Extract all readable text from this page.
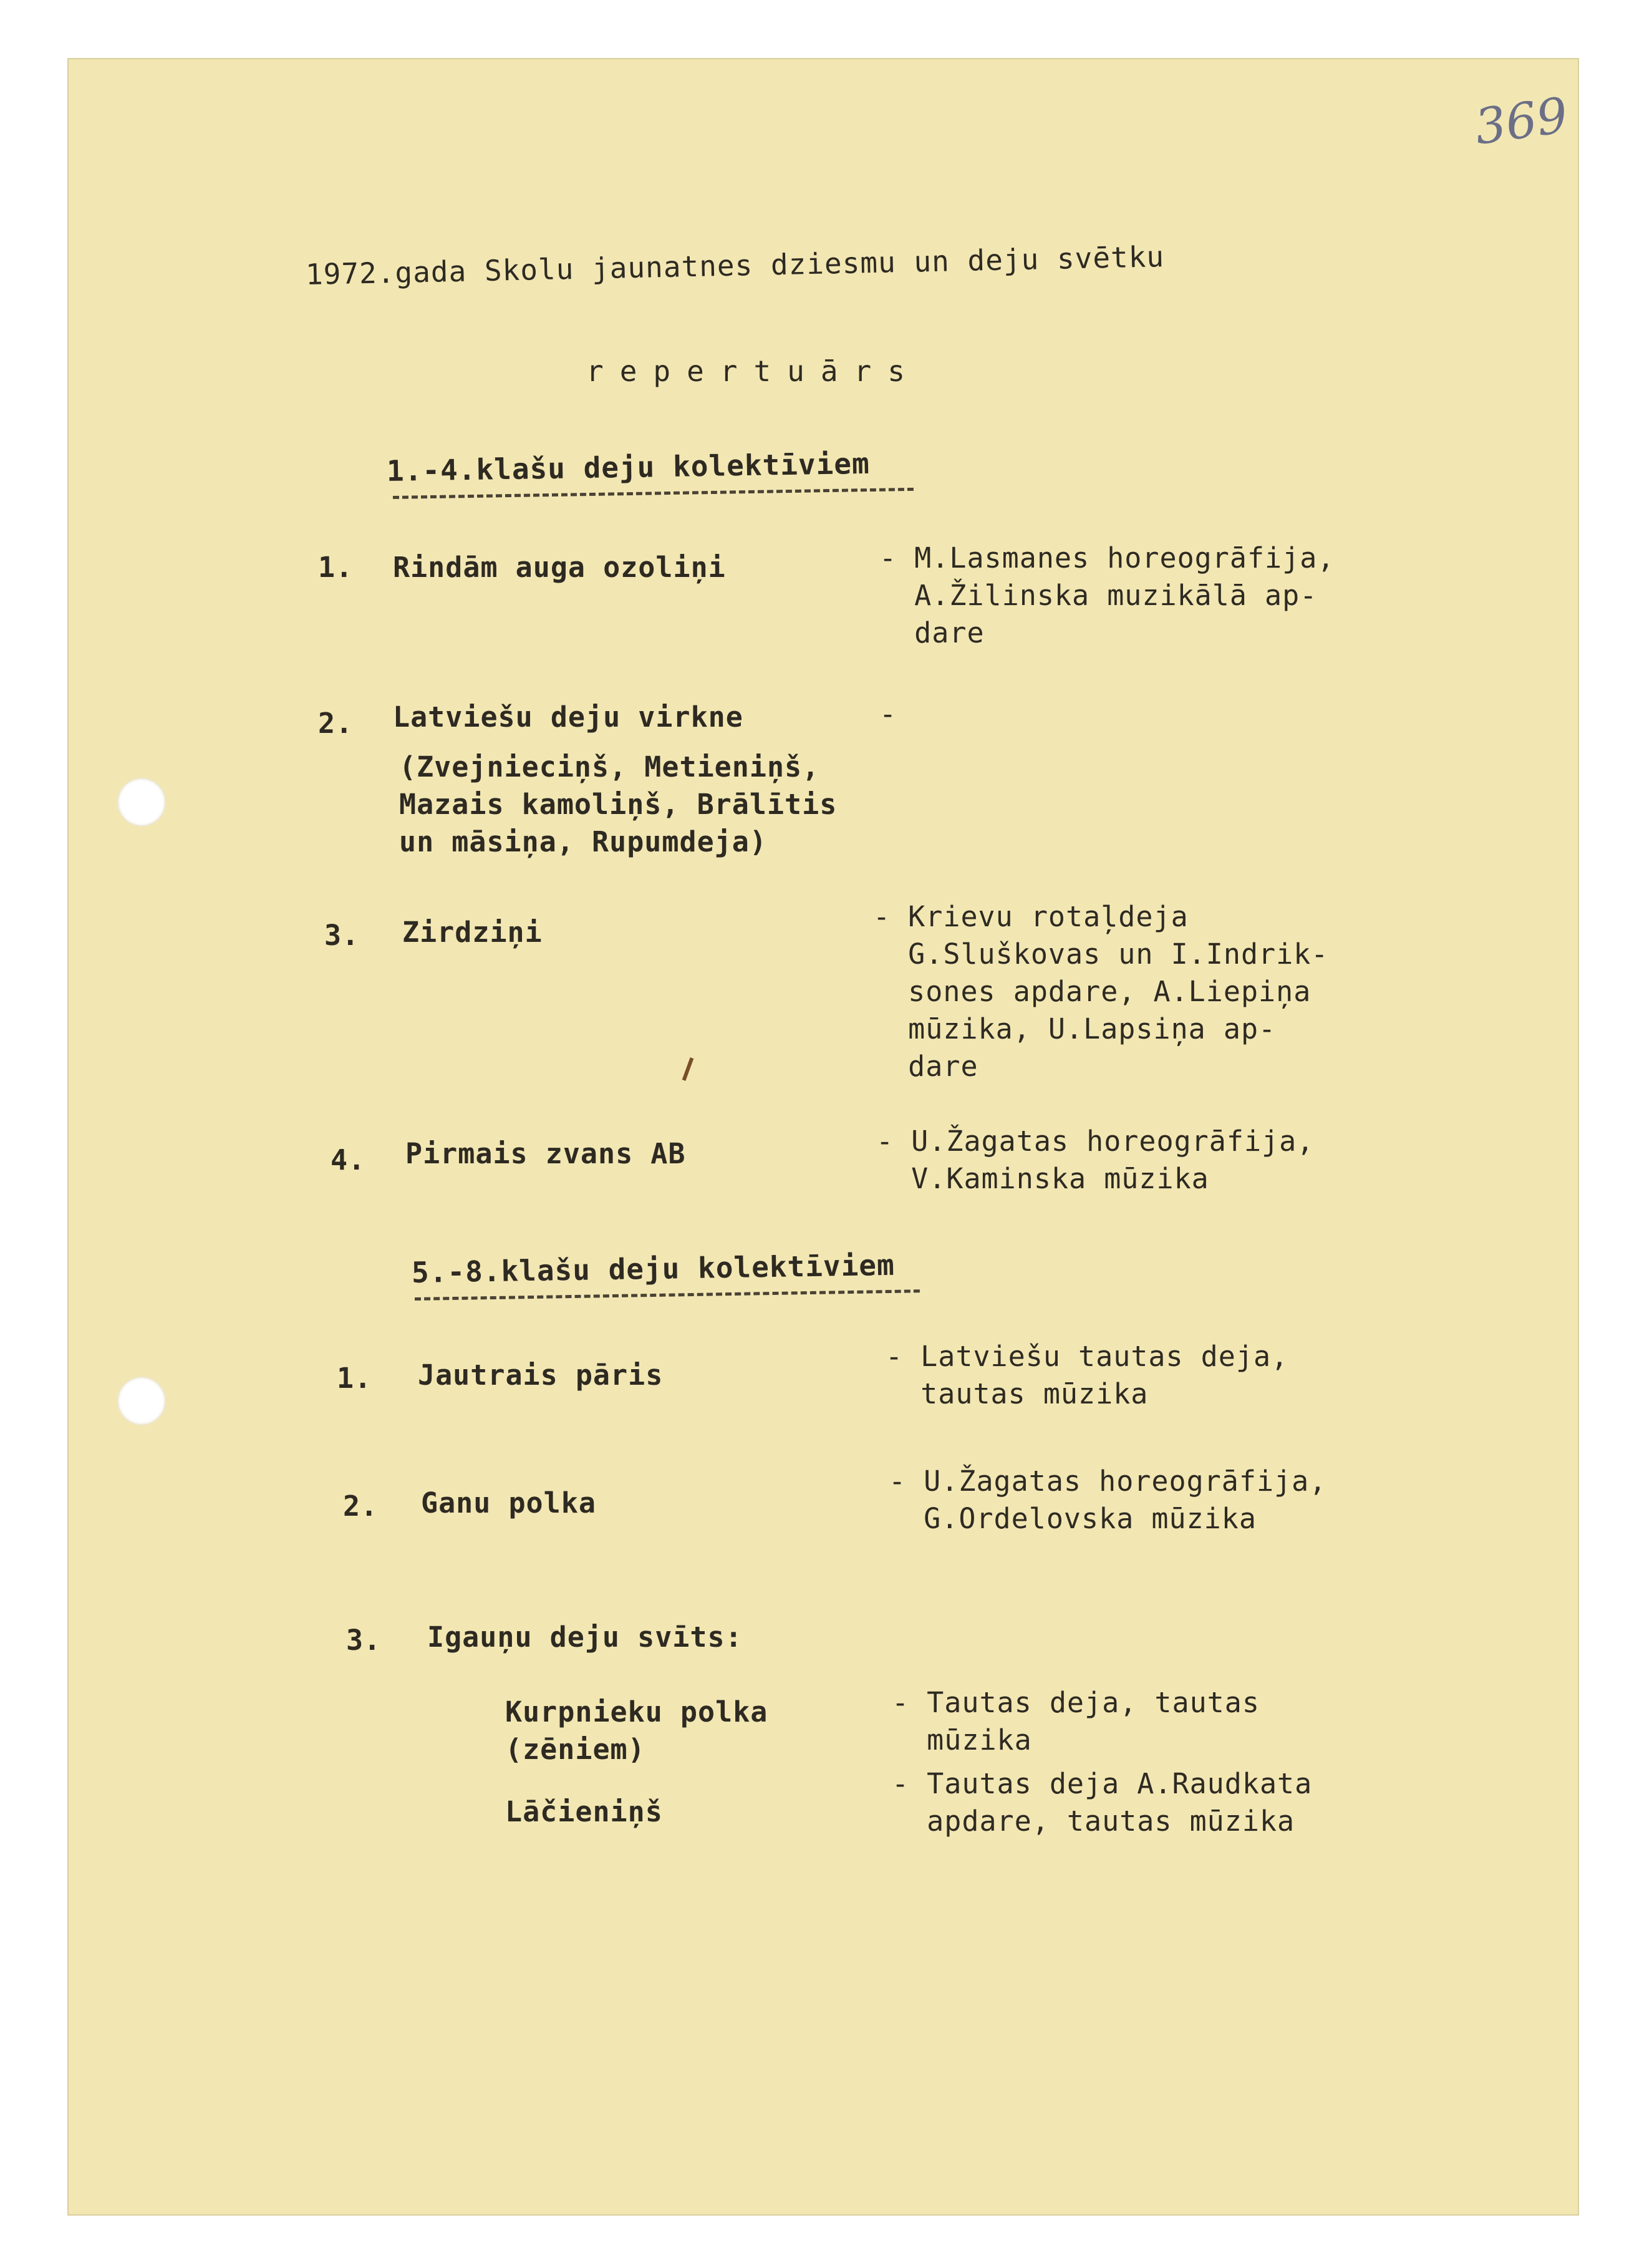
369
1972.gada Skolu jaunatnes dziesmu un deju svētku
repertuārs
1.-4.klašu deju kolektīviem
1. Rindām auga ozoliņi	- M.Lasmanes horeogrāfija,
A.Žilinska muzikālā ap-
dare
2. Latviešu deju virkne	-
(Zvejnieciņš, Metieniņš,
Mazais kamoliņš, Brālītis
un māsiņa, Rupumdeja)
3. Zirdziņi	- Krievu rotaļdeja
G.Sluškovas un I.Indrik-
sones apdare, A.Liepiņa
mūzika, U.Lapsiņa ap-
dare
4. Pirmais zvans AB	- U.Žagatas horeogrāfija,
V.Kaminska mūzika
5.-8.klašu deju kolektīviem
1. Jautrais pāris
- Latviešu tautas deja,
tautas mūzika
2. Ganu polka
- U.Žagatas horeogrāfija,
G.Ordelovska mūzika
3. Igauņu deju svīts:
Kurpnieku polka
(zēniem)
- Tautas deja, tautas
mūzika
Lāčieniņš
- Tautas deja A.Raudkata
apdare, tautas mūzika
